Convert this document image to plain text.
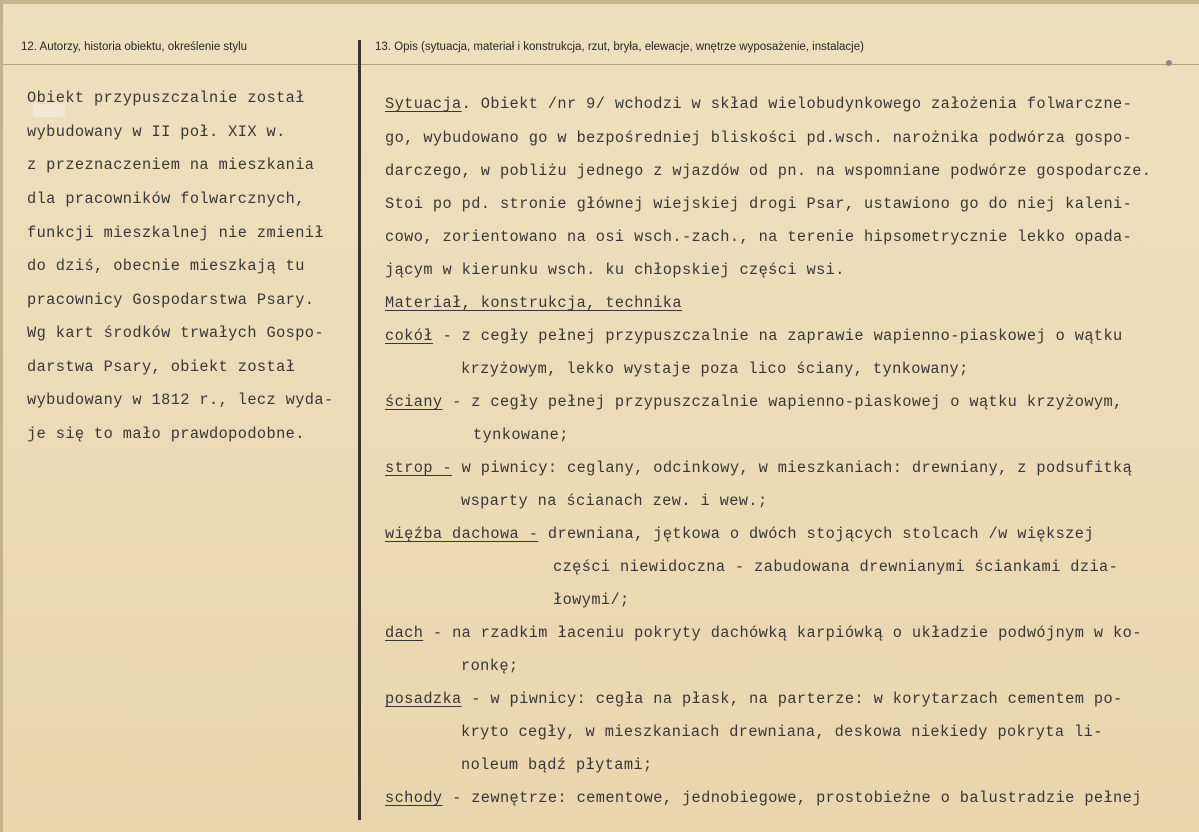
12. Autorzy, historia obiektu, określenie stylu	13. Opis (sytuacja, materiał i konstrukcja, rzut, bryła, elewacje, wnętrze wyposażenie, instalacje)
Obiekt przypuszczalnie został
wybudowany w II poł. XIX w.
z przeznaczeniem na mieszkania
dla pracowników folwarcznych,
funkcji mieszkalnej nie zmienił
do dziś, obecnie mieszkają tu
pracownicy Gospodarstwa Psary.
Wg kart środków trwałych Gospo-
darstwa Psary, obiekt został
wybudowany w 1812 r., lecz wyda-
je się to mało prawdopodobne.
Sytuacja. Obiekt /nr 9/ wchodzi w skład wielobudynkowego założenia folwarczne-
go, wybudowano go w bezpośredniej bliskości pd.wsch. narożnika podwórza gospo-
darczego, w pobliżu jednego z wjazdów od pn. na wspomniane podwórze gospodarcze.
Stoi po pd. stronie głównej wiejskiej drogi Psar, ustawiono go do niej kaleni-
cowo, zorientowano na osi wsch.-zach., na terenie hipsometrycznie lekko opada-
jącym w kierunku wsch. ku chłopskiej części wsi.
Materiał, konstrukcja, technika
cokół - z cegły pełnej przypuszczalnie na zaprawie wapienno-piaskowej o wątku
krzyżowym, lekko wystaje poza lico ściany, tynkowany;
ściany - z cegły pełnej przypuszczalnie wapienno-piaskowej o wątku krzyżowym,
tynkowane;
strop - w piwnicy: ceglany, odcinkowy, w mieszkaniach: drewniany, z podsufitką
wsparty na ścianach zew. i wew.;
więźba dachowa - drewniana, jętkowa o dwóch stojących stolcach /w większej
części niewidoczna - zabudowana drewnianymi ściankami dzia-
łowymi/;
dach - na rzadkim łaceniu pokryty dachówką karpiówką o układzie podwójnym w ko-
ronkę;
posadzka - w piwnicy: cegła na płask, na parterze: w korytarzach cementem po-
kryto cegły, w mieszkaniach drewniana, deskowa niekiedy pokryta li-
noleum bądź płytami;
schody - zewnętrze: cementowe, jednobiegowe, prostobieżne o balustradzie pełnej
